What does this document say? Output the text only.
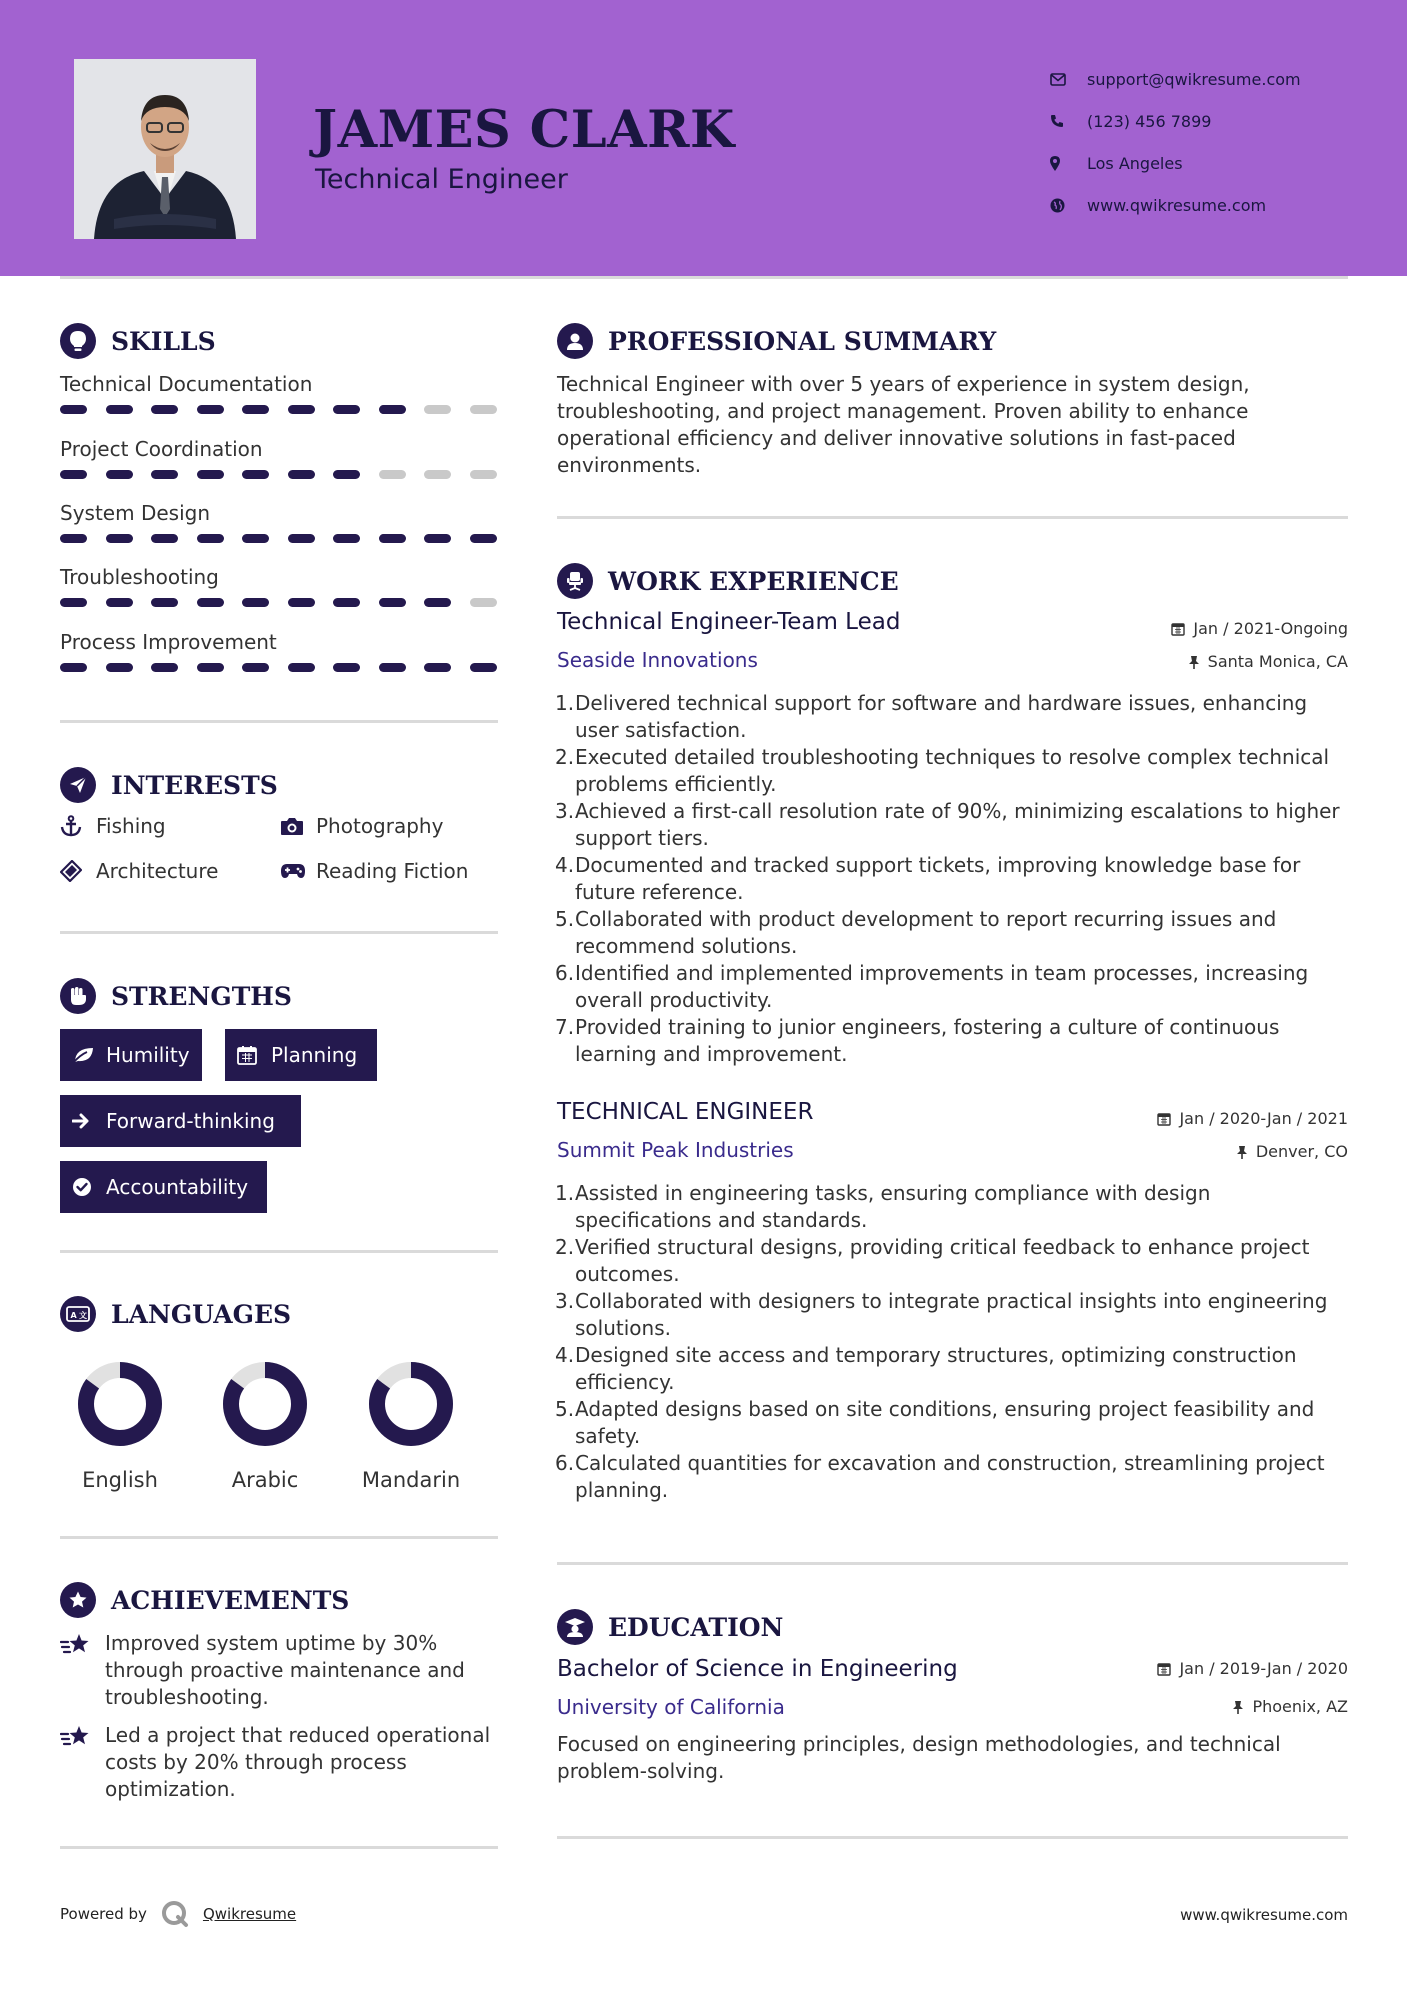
JAMES CLARK
Technical Engineer
support@qwikresume.com
(123) 456 7899
Los Angeles
www.qwikresume.com
SKILLS
Technical Documentation
Project Coordination
System Design
Troubleshooting
Process Improvement
INTERESTS
Fishing	Photography
Architecture	Reading Fiction
STRENGTHS
Humility	Planning
Forward-thinking
Accountability
A 文 LANGUAGES
English	Arabic	Mandarin
ACHIEVEMENTS
Improved system uptime by 30% through proactive maintenance and troubleshooting.
Led a project that reduced operational costs by 20% through process optimization.
PROFESSIONAL SUMMARY
Technical Engineer with over 5 years of experience in system design, troubleshooting, and project management. Proven ability to enhance operational efficiency and deliver innovative solutions in fast-paced environments.
WORK EXPERIENCE
Technical Engineer-Team Lead	Jan / 2021-Ongoing
Seaside Innovations	Santa Monica, CA
Delivered technical support for software and hardware issues, enhancing user satisfaction.
Executed detailed troubleshooting techniques to resolve complex technical problems efficiently.
Achieved a first-call resolution rate of 90%, minimizing escalations to higher support tiers.
Documented and tracked support tickets, improving knowledge base for future reference.
Collaborated with product development to report recurring issues and recommend solutions.
Identified and implemented improvements in team processes, increasing overall productivity.
Provided training to junior engineers, fostering a culture of continuous learning and improvement.
TECHNICAL ENGINEER	Jan / 2020-Jan / 2021
Summit Peak Industries	Denver, CO
Assisted in engineering tasks, ensuring compliance with design specifications and standards.
Verified structural designs, providing critical feedback to enhance project outcomes.
Collaborated with designers to integrate practical insights into engineering solutions.
Designed site access and temporary structures, optimizing construction efficiency.
Adapted designs based on site conditions, ensuring project feasibility and safety.
Calculated quantities for excavation and construction, streamlining project planning.
EDUCATION
Bachelor of Science in Engineering	Jan / 2019-Jan / 2020
University of California	Phoenix, AZ
Focused on engineering principles, design methodologies, and technical problem-solving.
Powered by	Qwikresume	www.qwikresume.com
